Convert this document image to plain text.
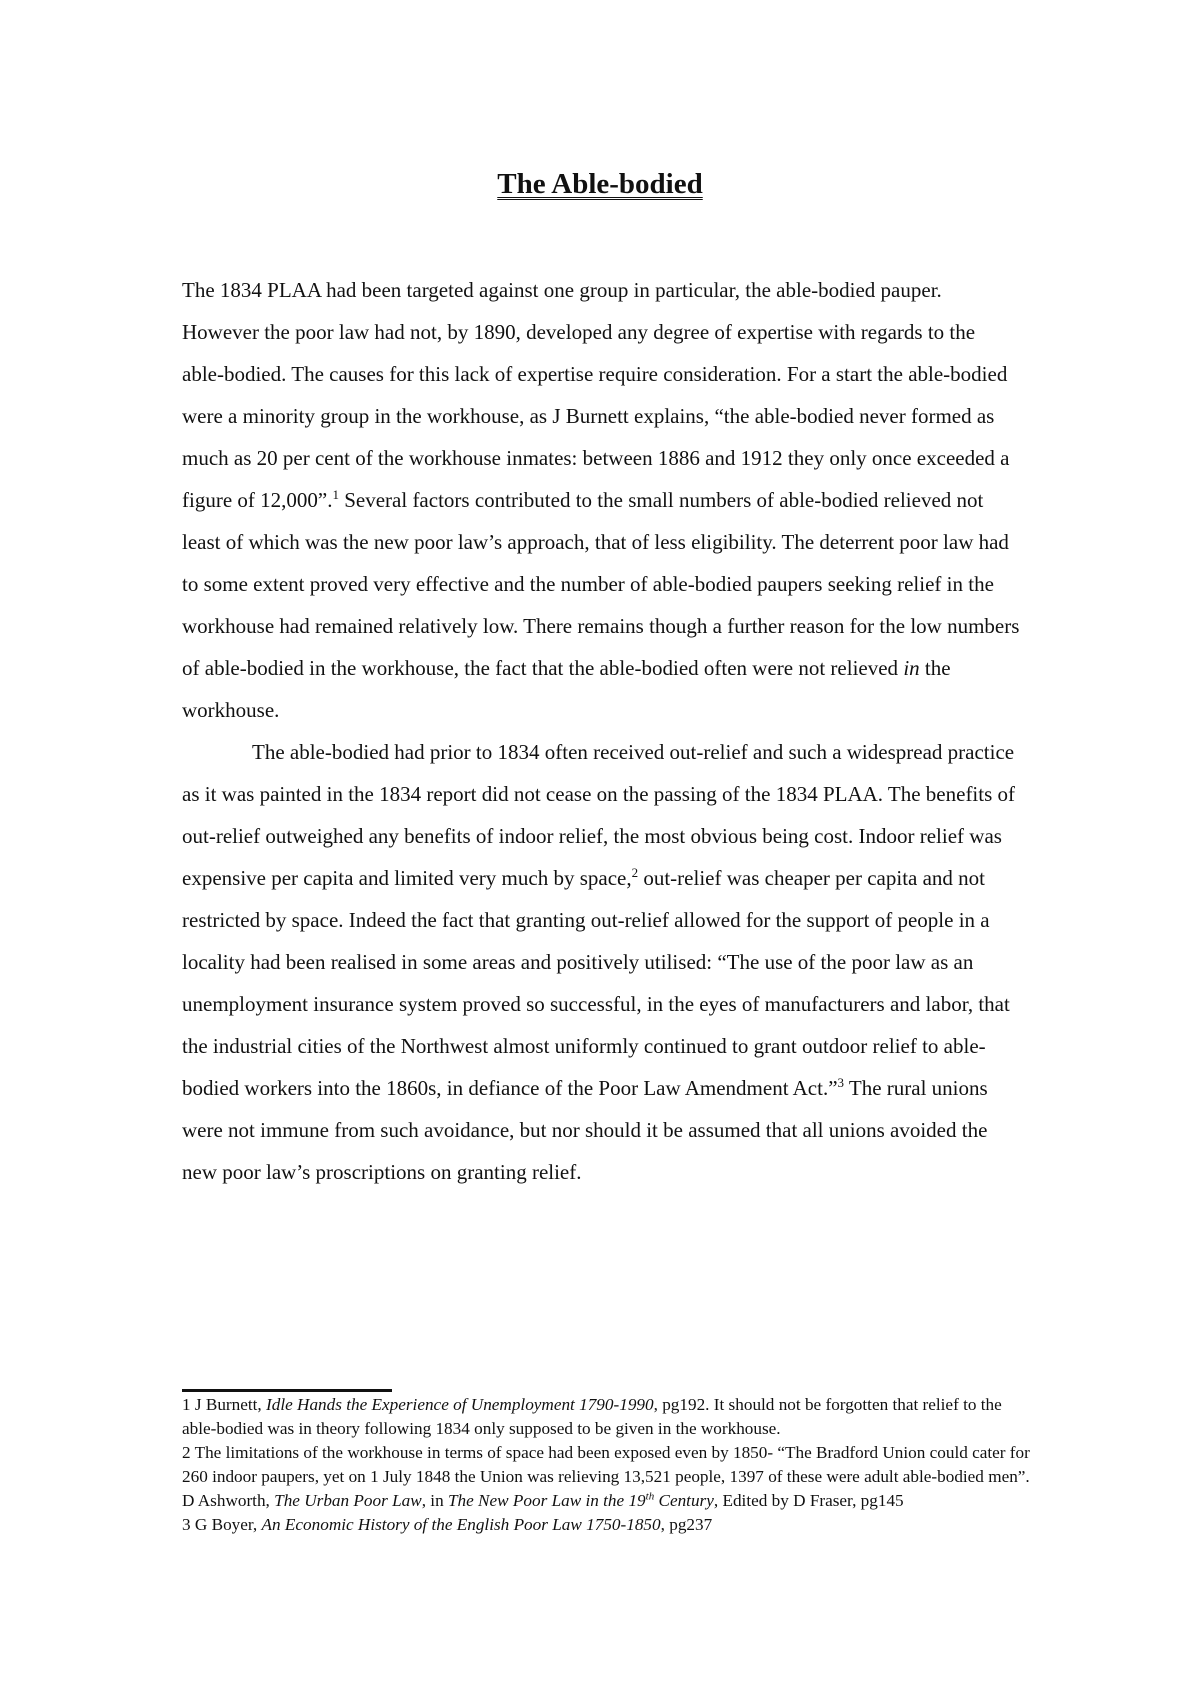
The Able-bodied

The 1834 PLAA had been targeted against one group in particular, the able-bodied pauper. However the poor law had not, by 1890, developed any degree of expertise with regards to the able-bodied. The causes for this lack of expertise require consideration. For a start the able-bodied were a minority group in the workhouse, as J Burnett explains, “the able-bodied never formed as much as 20 per cent of the workhouse inmates: between 1886 and 1912 they only once exceeded a figure of 12,000”.$^1$ Several factors contributed to the small numbers of able-bodied relieved not least of which was the new poor law’s approach, that of less eligibility. The deterrent poor law had to some extent proved very effective and the number of able-bodied paupers seeking relief in the workhouse had remained relatively low. There remains though a further reason for the low numbers of able-bodied in the workhouse, the fact that the able-bodied often were not relieved in the workhouse.

The able-bodied had prior to 1834 often received out-relief and such a widespread practice as it was painted in the 1834 report did not cease on the passing of the 1834 PLAA. The benefits of out-relief outweighed any benefits of indoor relief, the most obvious being cost. Indoor relief was expensive per capita and limited very much by space,$^2$ out-relief was cheaper per capita and not restricted by space. Indeed the fact that granting out-relief allowed for the support of people in a locality had been realised in some areas and positively utilised: “The use of the poor law as an unemployment insurance system proved so successful, in the eyes of manufacturers and labor, that the industrial cities of the Northwest almost uniformly continued to grant outdoor relief to able-bodied workers into the 1860s, in defiance of the Poor Law Amendment Act.”$^3$ The rural unions were not immune from such avoidance, but nor should it be assumed that all unions avoided the new poor law’s proscriptions on granting relief.

1 J Burnett, Idle Hands the Experience of Unemployment 1790-1990, pg192. It should not be forgotten that relief to the able-bodied was in theory following 1834 only supposed to be given in the workhouse.

2 The limitations of the workhouse in terms of space had been exposed even by 1850- “The Bradford Union could cater for 260 indoor paupers, yet on 1 July 1848 the Union was relieving 13,521 people, 1397 of these were adult able-bodied men”. D Ashworth, The Urban Poor Law, in The New Poor Law in the 19th Century, Edited by D Fraser, pg145

3 G Boyer, An Economic History of the English Poor Law 1750-1850, pg237
